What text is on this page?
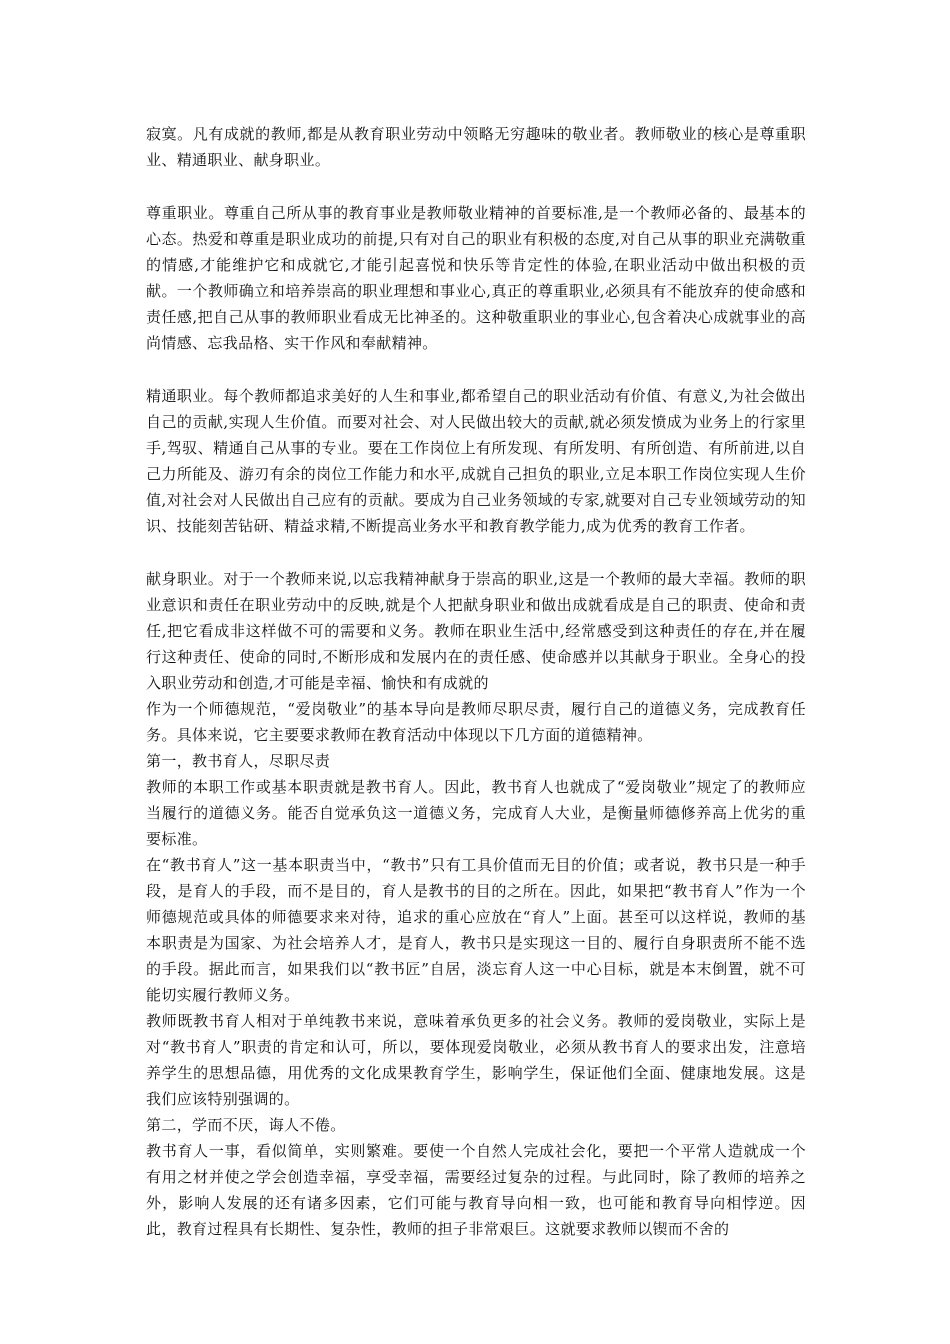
寂寞。凡有成就的教师,都是从教育职业劳动中领略无穷趣味的敬业者。教师敬业的核心是尊重职业、精通职业、献身职业。

尊重职业。尊重自己所从事的教育事业是教师敬业精神的首要标准,是一个教师必备的、最基本的心态。热爱和尊重是职业成功的前提,只有对自己的职业有积极的态度,对自己从事的职业充满敬重的情感,才能维护它和成就它,才能引起喜悦和快乐等肯定性的体验,在职业活动中做出积极的贡献。一个教师确立和培养崇高的职业理想和事业心,真正的尊重职业,必须具有不能放弃的使命感和责任感,把自己从事的教师职业看成无比神圣的。这种敬重职业的事业心,包含着决心成就事业的高尚情感、忘我品格、实干作风和奉献精神。

精通职业。每个教师都追求美好的人生和事业,都希望自己的职业活动有价值、有意义,为社会做出自己的贡献,实现人生价值。而要对社会、对人民做出较大的贡献,就必须发愤成为业务上的行家里手,驾驭、精通自己从事的专业。要在工作岗位上有所发现、有所发明、有所创造、有所前进,以自己力所能及、游刃有余的岗位工作能力和水平,成就自己担负的职业,立足本职工作岗位实现人生价值,对社会对人民做出自己应有的贡献。要成为自己业务领域的专家,就要对自己专业领域劳动的知识、技能刻苦钻研、精益求精,不断提高业务水平和教育教学能力,成为优秀的教育工作者。

献身职业。对于一个教师来说,以忘我精神献身于崇高的职业,这是一个教师的最大幸福。教师的职业意识和责任在职业劳动中的反映,就是个人把献身职业和做出成就看成是自己的职责、使命和责任,把它看成非这样做不可的需要和义务。教师在职业生活中,经常感受到这种责任的存在,并在履行这种责任、使命的同时,不断形成和发展内在的责任感、使命感并以其献身于职业。全身心的投入职业劳动和创造,才可能是幸福、愉快和有成就的

作为一个师德规范，“爱岗敬业”的基本导向是教师尽职尽责，履行自己的道德义务，完成教育任务。具体来说，它主要要求教师在教育活动中体现以下几方面的道德精神。

第一，教书育人，尽职尽责

教师的本职工作或基本职责就是教书育人。因此，教书育人也就成了“爱岗敬业”规定了的教师应当履行的道德义务。能否自觉承负这一道德义务，完成育人大业，是衡量师德修养高上优劣的重要标准。

在“教书育人”这一基本职责当中，“教书”只有工具价值而无目的价值；或者说，教书只是一种手段，是育人的手段，而不是目的，育人是教书的目的之所在。因此，如果把“教书育人”作为一个师德规范或具体的师德要求来对待，追求的重心应放在“育人”上面。甚至可以这样说，教师的基本职责是为国家、为社会培养人才，是育人，教书只是实现这一目的、履行自身职责所不能不选的手段。据此而言，如果我们以“教书匠”自居，淡忘育人这一中心目标，就是本末倒置，就不可能切实履行教师义务。

教师既教书育人相对于单纯教书来说，意味着承负更多的社会义务。教师的爱岗敬业，实际上是对“教书育人”职责的肯定和认可，所以，要体现爱岗敬业，必须从教书育人的要求出发，注意培养学生的思想品德，用优秀的文化成果教育学生，影响学生，保证他们全面、健康地发展。这是我们应该特别强调的。

第二，学而不厌，诲人不倦。

教书育人一事，看似简单，实则繁难。要使一个自然人完成社会化，要把一个平常人造就成一个有用之材并使之学会创造幸福，享受幸福，需要经过复杂的过程。与此同时，除了教师的培养之外，影响人发展的还有诸多因素，它们可能与教育导向相一致，也可能和教育导向相悖逆。因此，教育过程具有长期性、复杂性，教师的担子非常艰巨。这就要求教师以锲而不舍的
